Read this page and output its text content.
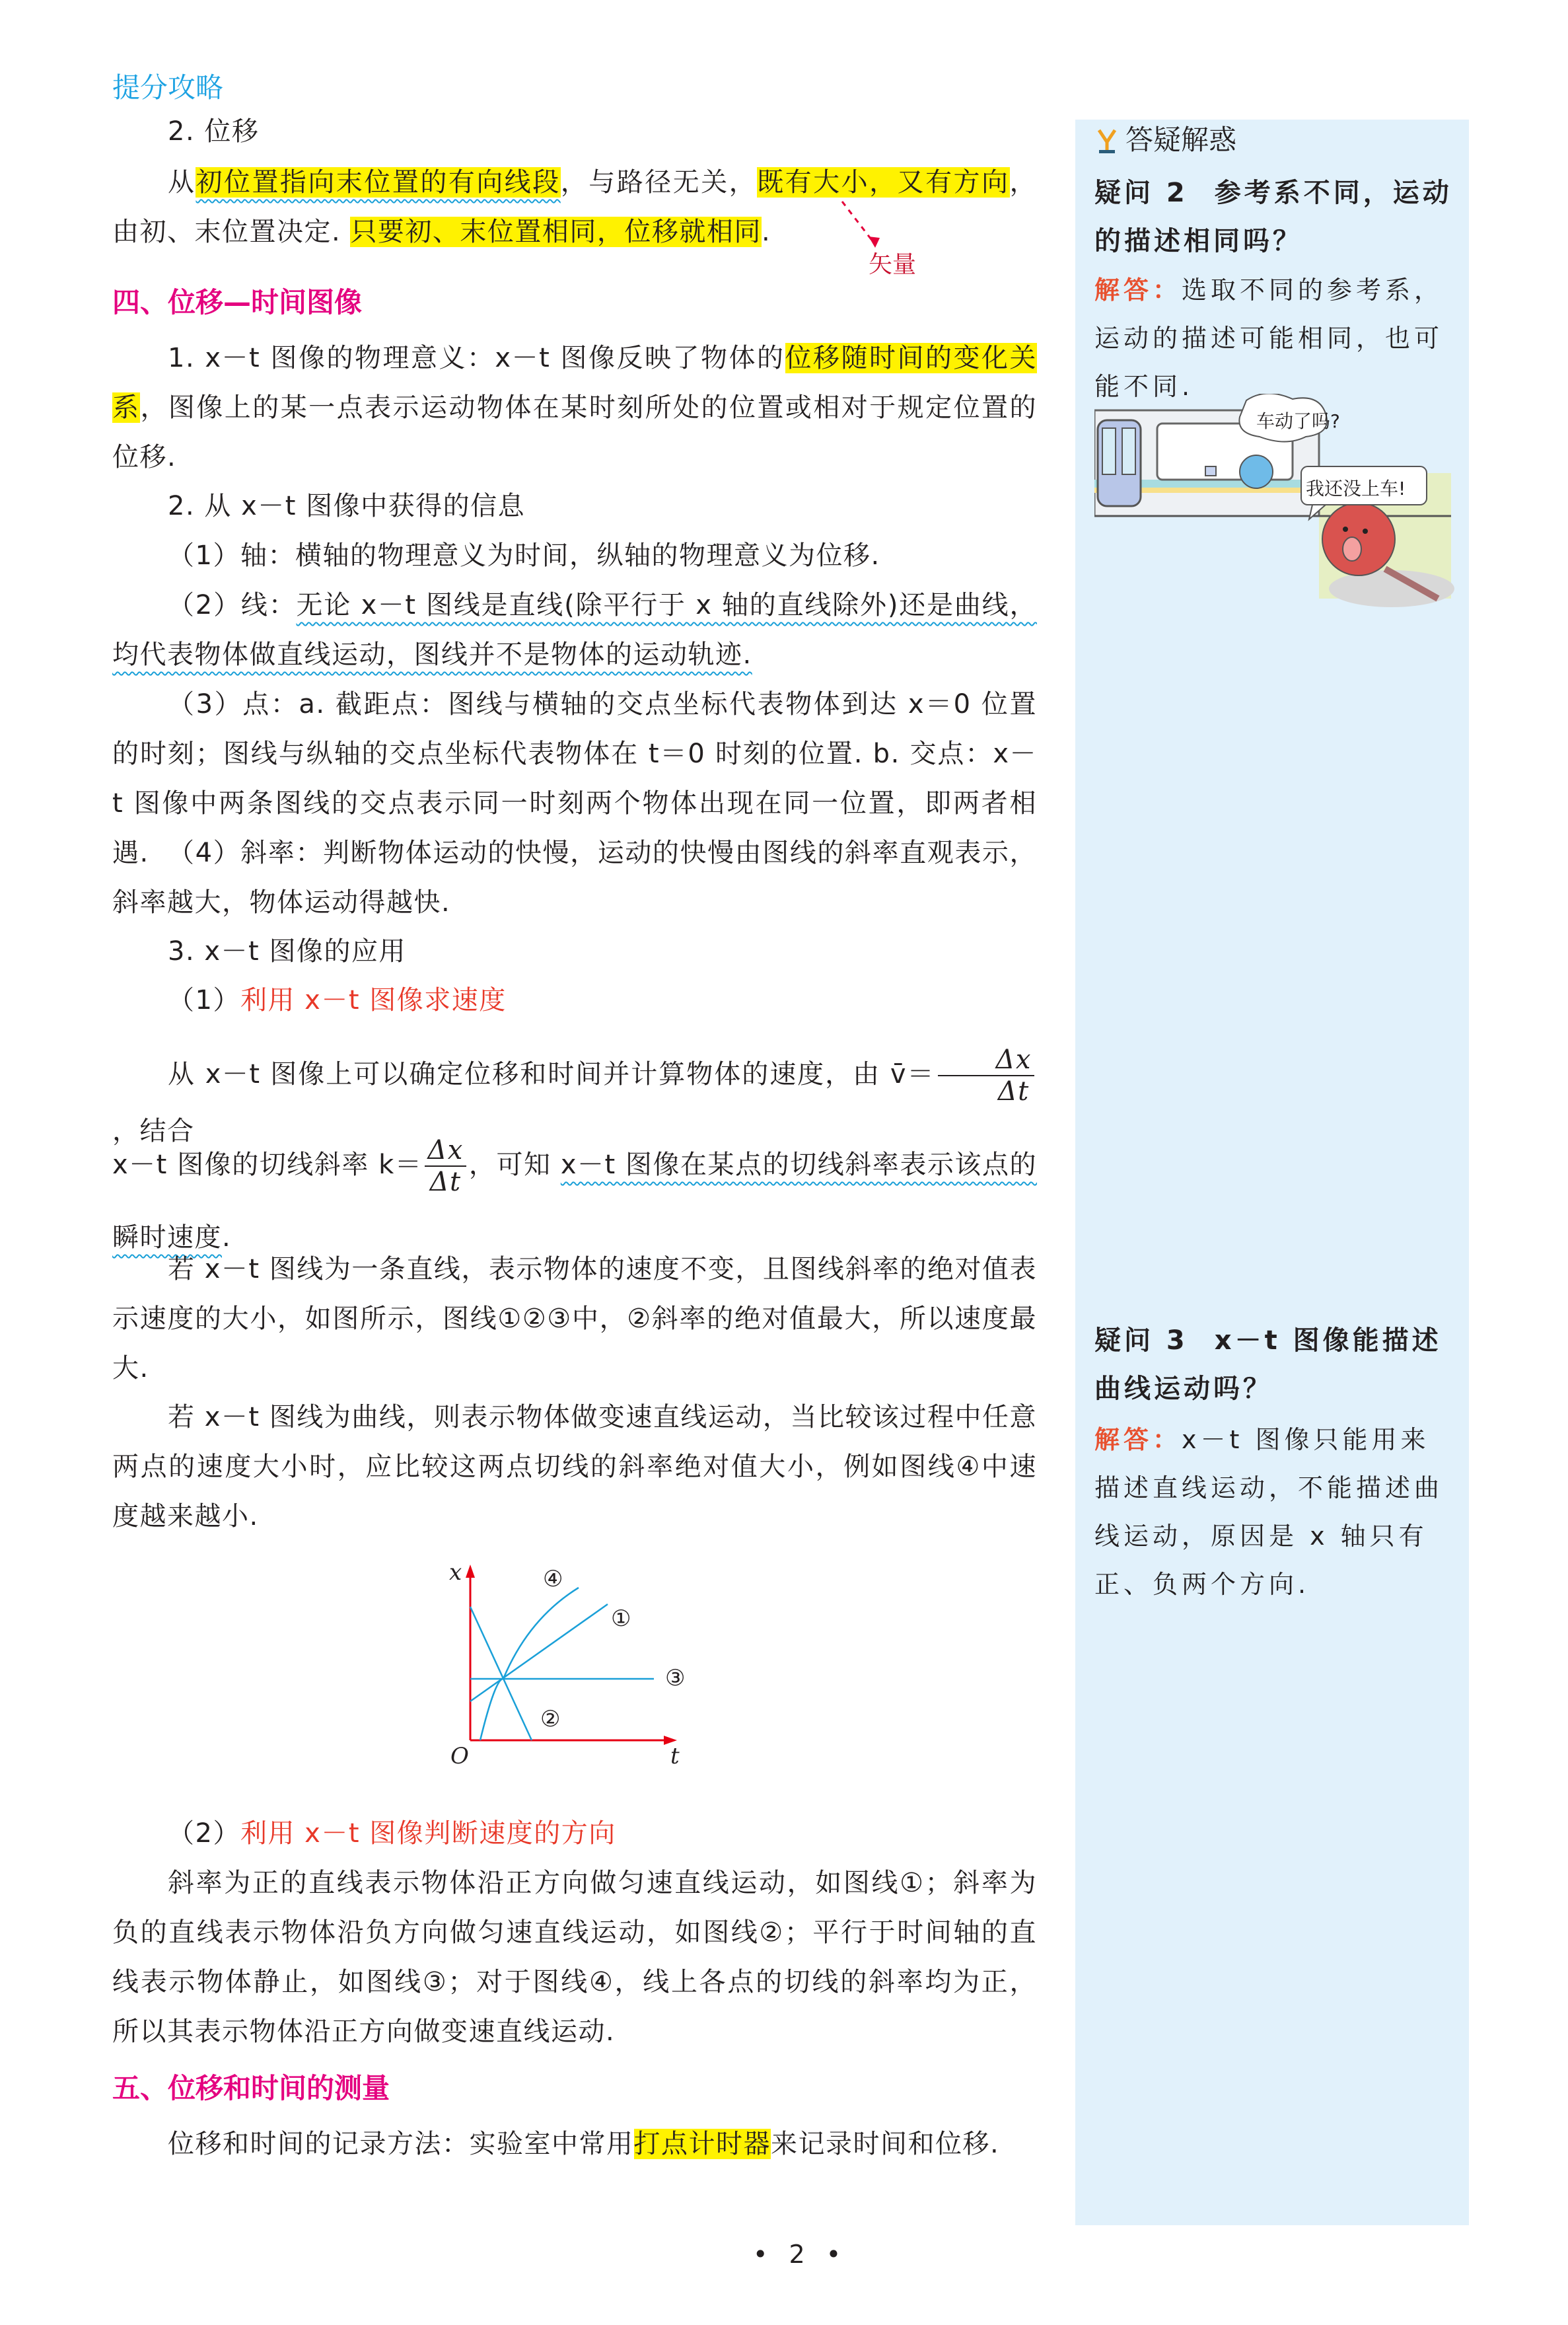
提分攻略
2. 位移
从初位置指向末位置的有向线段，与路径无关，既有大小，又有方向，由初、末位置决定. 只要初、末位置相同，位移就相同.
矢量
四、位移—时间图像
1. x－t 图像的物理意义：x－t 图像反映了物体的位移随时间的变化关系，图像上的某一点表示运动物体在某时刻所处的位置或相对于规定位置的位移.
2. 从 x－t 图像中获得的信息
（1）轴：横轴的物理意义为时间，纵轴的物理意义为位移.
（2）线：无论 x－t 图线是直线(除平行于 x 轴的直线除外)还是曲线，均代表物体做直线运动，图线并不是物体的运动轨迹.
（3）点：a. 截距点：图线与横轴的交点坐标代表物体到达 x＝0 位置的时刻；图线与纵轴的交点坐标代表物体在 t＝0 时刻的位置. b. 交点：x－t 图像中两条图线的交点表示同一时刻两个物体出现在同一位置，即两者相遇. （4）斜率：判断物体运动的快慢，运动的快慢由图线的斜率直观表示，斜率越大，物体运动得越快.
3. x－t 图像的应用
（1）利用 x－t 图像求速度
从 x－t 图像上可以确定位移和时间并计算物体的速度，由 v̄＝ $\frac{\Delta x}{\Delta t}$
，结合
x－t 图像的切线斜率 $k= \frac{\Delta x}{\Delta t}$ ，可知 x－t 图像在某点的切线斜率表示该点的瞬时速度.
若 x－t 图线为一条直线，表示物体的速度不变，且图线斜率的绝对值表示速度的大小，如图所示，图线①②③中，②斜率的绝对值最大，所以速度最大.
若 x－t 图线为曲线，则表示物体做变速直线运动，当比较该过程中任意两点的速度大小时，应比较这两点切线的斜率绝对值大小，例如图线④中速度越来越小.
x
t
O
①
②
③
④
（2）利用 x－t 图像判断速度的方向
斜率为正的直线表示物体沿正方向做匀速直线运动，如图线①；斜率为负的直线表示物体沿负方向做匀速直线运动，如图线②；平行于时间轴的直线表示物体静止，如图线③；对于图线④，线上各点的切线的斜率均为正，所以其表示物体沿正方向做变速直线运动.
五、位移和时间的测量
位移和时间的记录方法：实验室中常用打点计时器来记录时间和位移.
答疑解惑
疑问 2 参考系不同，运动的描述相同吗？
解答：选取不同的参考系，运动的描述可能相同，也可能不同.
车动了吗?
我还没上车!
疑问 3 x－t 图像能描述曲线运动吗？
解答：x－t 图像只能用来描述直线运动，不能描述曲线运动，原因是 x 轴只有正、负两个方向.
• 2 •
